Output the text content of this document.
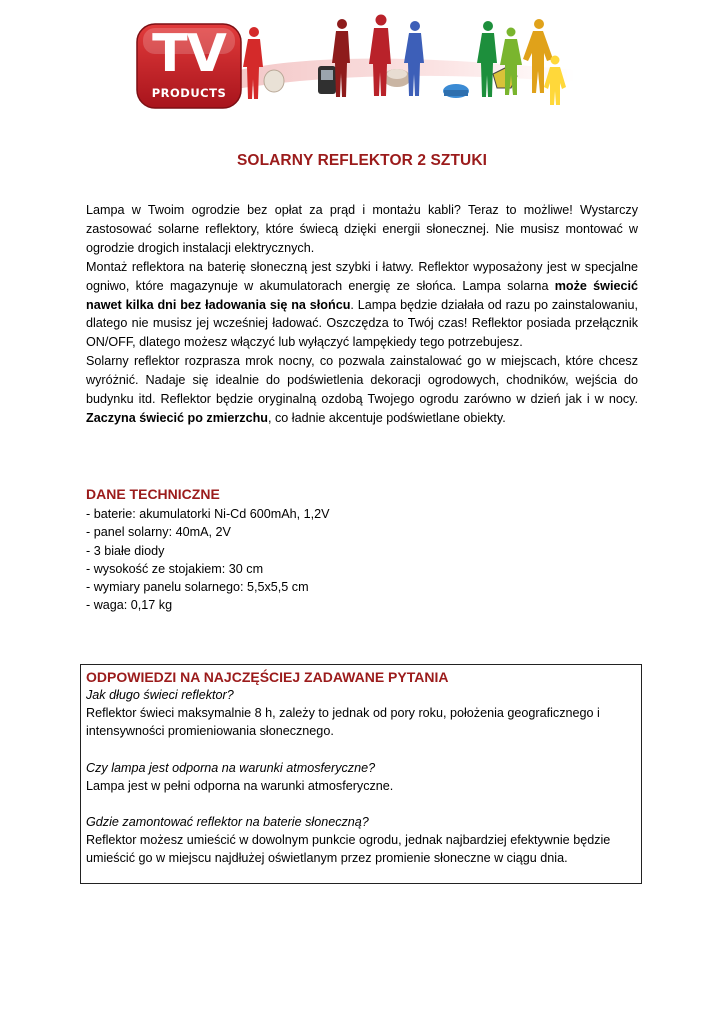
TV
PRODUCTS
SOLARNY REFLEKTOR 2 SZTUKI

Lampa w Twoim ogrodzie bez opłat za prąd i montażu kabli? Teraz to możliwe! Wystarczy zastosować solarne reflektory, które świecą dzięki energii słonecznej. Nie musisz montować w ogrodzie drogich instalacji elektrycznych.

Montaż reflektora na baterię słoneczną jest szybki i łatwy. Reflektor wyposażony jest w specjalne ogniwo, które magazynuje w akumulatorach energię ze słońca. Lampa solarna może świecić nawet kilka dni bez ładowania się na słońcu. Lampa będzie działała od razu po zainstalowaniu, dlatego nie musisz jej wcześniej ładować. Oszczędza to Twój czas! Reflektor posiada przełącznik ON/OFF, dlatego możesz włączyć lub wyłączyć lampękiedy tego potrzebujesz.

Solarny reflektor rozprasza mrok nocny, co pozwala zainstalować go w miejscach, które chcesz wyróżnić. Nadaje się idealnie do podświetlenia dekoracji ogrodowych, chodników, wejścia do budynku itd. Reflektor będzie oryginalną ozdobą Twojego ogrodu zarówno w dzień jak i w nocy. Zaczyna świecić po zmierzchu, co ładnie akcentuje podświetlane obiekty.

DANE TECHNICZNE
- baterie: akumulatorki Ni-Cd 600mAh, 1,2V
- panel solarny: 40mA, 2V
- 3 białe diody
- wysokość ze stojakiem: 30 cm
- wymiary panelu solarnego: 5,5x5,5 cm
- waga: 0,17 kg
ODPOWIEDZI NA NAJCZĘŚCIEJ ZADAWANE PYTANIA
Jak długo świeci reflektor?
Reflektor świeci maksymalnie 8 h, zależy to jednak od pory roku, położenia geograficznego i intensywności promieniowania słonecznego.
Czy lampa jest odporna na warunki atmosferyczne?
Lampa jest w pełni odporna na warunki atmosferyczne.
Gdzie zamontować reflektor na baterie słoneczną?
Reflektor możesz umieścić w dowolnym punkcie ogrodu, jednak najbardziej efektywnie będzie umieścić go w miejscu najdłużej oświetlanym przez promienie słoneczne w ciągu dnia.
